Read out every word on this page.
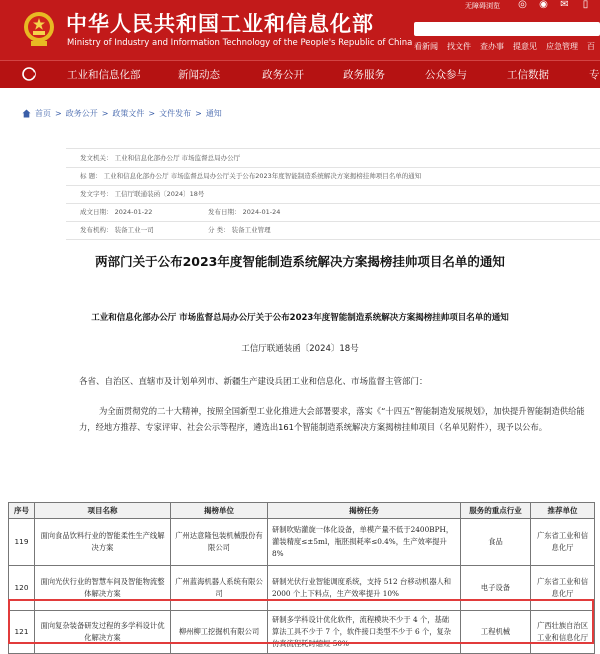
中华人民共和国工业和信息化部
Ministry of Industry and Information Technology of the People's Republic of China
无障碍浏览 ◎ ◉ ✉	▯
看新闻 找文件 查办事 提意见 应急管理 百
工业和信息化部	新闻动态	政务公开	政务服务	公众参与	工信数据	专
首页 > 政务公开 > 政策文件 > 文件发布 > 通知
发文机关： 工业和信息化部办公厅 市场监督总局办公厅
标 题： 工业和信息化部办公厅 市场监督总局办公厅关于公布2023年度智能制造系统解决方案揭榜挂帅项目名单的通知
发文字号： 工信厅联通装函〔2024〕18号
成文日期： 2024-01-22	发布日期： 2024-01-24
发布机构： 装备工业一司	分 类： 装备工业管理
两部门关于公布2023年度智能制造系统解决方案揭榜挂帅项目名单的通知
工业和信息化部办公厅 市场监督总局办公厅关于公布2023年度智能制造系统解决方案揭榜挂帅项目名单的通知
工信厅联通装函〔2024〕18号
各省、自治区、直辖市及计划单列市、新疆生产建设兵团工业和信息化、市场监督主管部门：
为全面贯彻党的二十大精神，按照全国新型工业化推进大会部署要求，落实《“十四五”智能制造发展规划》，加快提升智能制造供给能力，经地方推荐、专家评审、社会公示等程序，遴选出161个智能制造系统解决方案揭榜挂帅项目（名单见附件），现予以公布。
序号	项目名称	揭榜单位	揭榜任务	服务的重点行业	推荐单位
119	面向食品饮料行业的智能柔性生产线解决方案	广州达意隆包装机械股份有限公司	研制吹贴灌旋一体化设备，单模产量不低于2400BPH，灌装精度≤±5ml，瓶胚损耗率≤0.4%，生产效率提升 8%	食品	广东省工业和信息化厅
120	面向光伏行业的智慧车间及智能物流整体解决方案	广州蓝海机器人系统有限公司	研制光伏行业智能调度系统，支持 512 台移动机器人和 2000 个上下料点，生产效率提升 10%	电子设备	广东省工业和信息化厅
121	面向复杂装备研发过程的多学科设计优化解决方案	柳州柳工挖掘机有限公司	研制多学科设计优化软件，流程模块不少于 4 个，基础算法工具不少于 7 个，软件接口类型不少于 6 个，复杂仿真流程耗时缩短 50%	工程机械	广西壮族自治区工业和信息化厅
